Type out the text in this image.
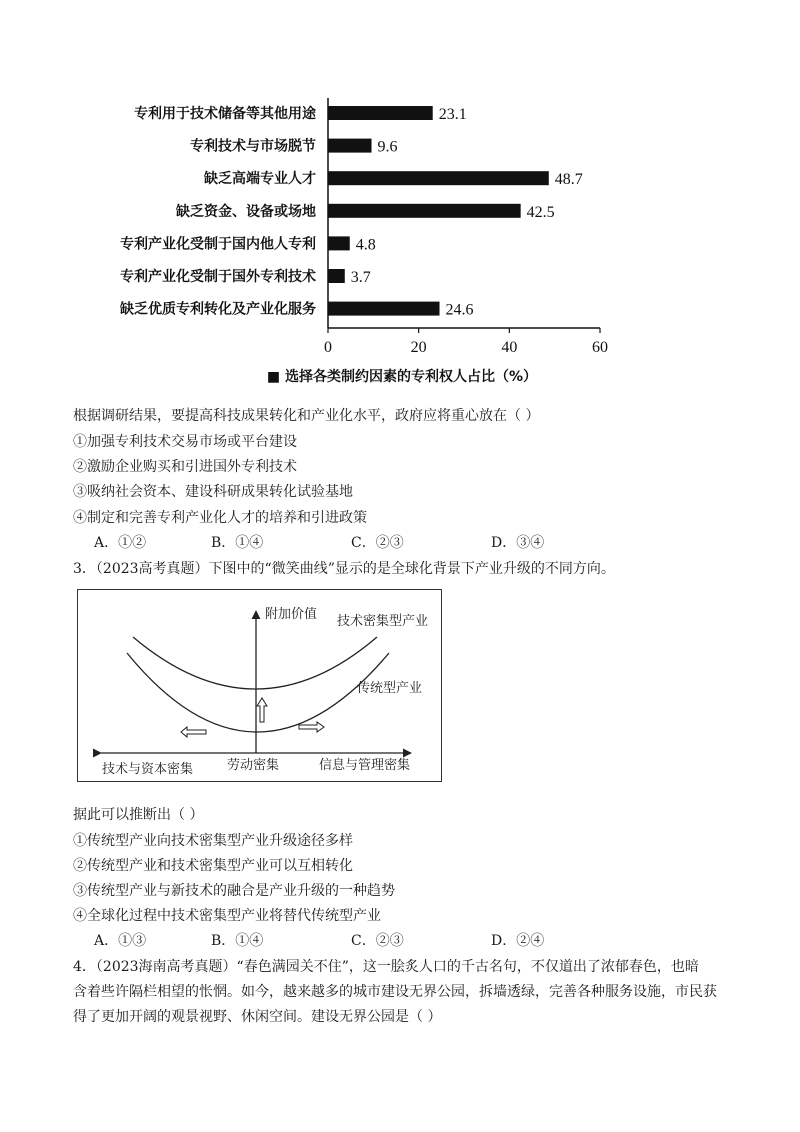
专利用于技术储备等其他用途
专利技术与市场脱节
缺乏高端专业人才
缺乏资金、设备或场地
专利产业化受制于国内他人专利
专利产业化受制于国外专利技术
缺乏优质专利转化及产业化服务
23.1
9.6
48.7
42.5
4.8
3.7
24.6
0	20	40	60
■ 选择各类制约因素的专利权人占比（%）
根据调研结果，要提高科技成果转化和产业化水平，政府应将重心放在（ ）
①加强专利技术交易市场或平台建设
②激励企业购买和引进国外专利技术
③吸纳社会资本、建设科研成果转化试验基地
④制定和完善专利产业化人才的培养和引进政策
A．①②	B．①④	C．②③	D．③④
3．（2023高考真题）下图中的“微笑曲线”显示的是全球化背景下产业升级的不同方向。
附加价值 技术密集型产业
传统型产业
技术与资本密集	劳动密集	信息与管理密集
据此可以推断出（ ）
①传统型产业向技术密集型产业升级途径多样
②传统型产业和技术密集型产业可以互相转化
③传统型产业与新技术的融合是产业升级的一种趋势
④全球化过程中技术密集型产业将替代传统型产业
A．①③	B．①④	C．②③	D．②④
4．（2023海南高考真题）“春色满园关不住”，这一脍炙人口的千古名句，不仅道出了浓郁春色，也暗
含着些许隔栏相望的怅惘。如今，越来越多的城市建设无界公园，拆墙透绿，完善各种服务设施，市民获
得了更加开阔的观景视野、休闲空间。建设无界公园是（ ）
